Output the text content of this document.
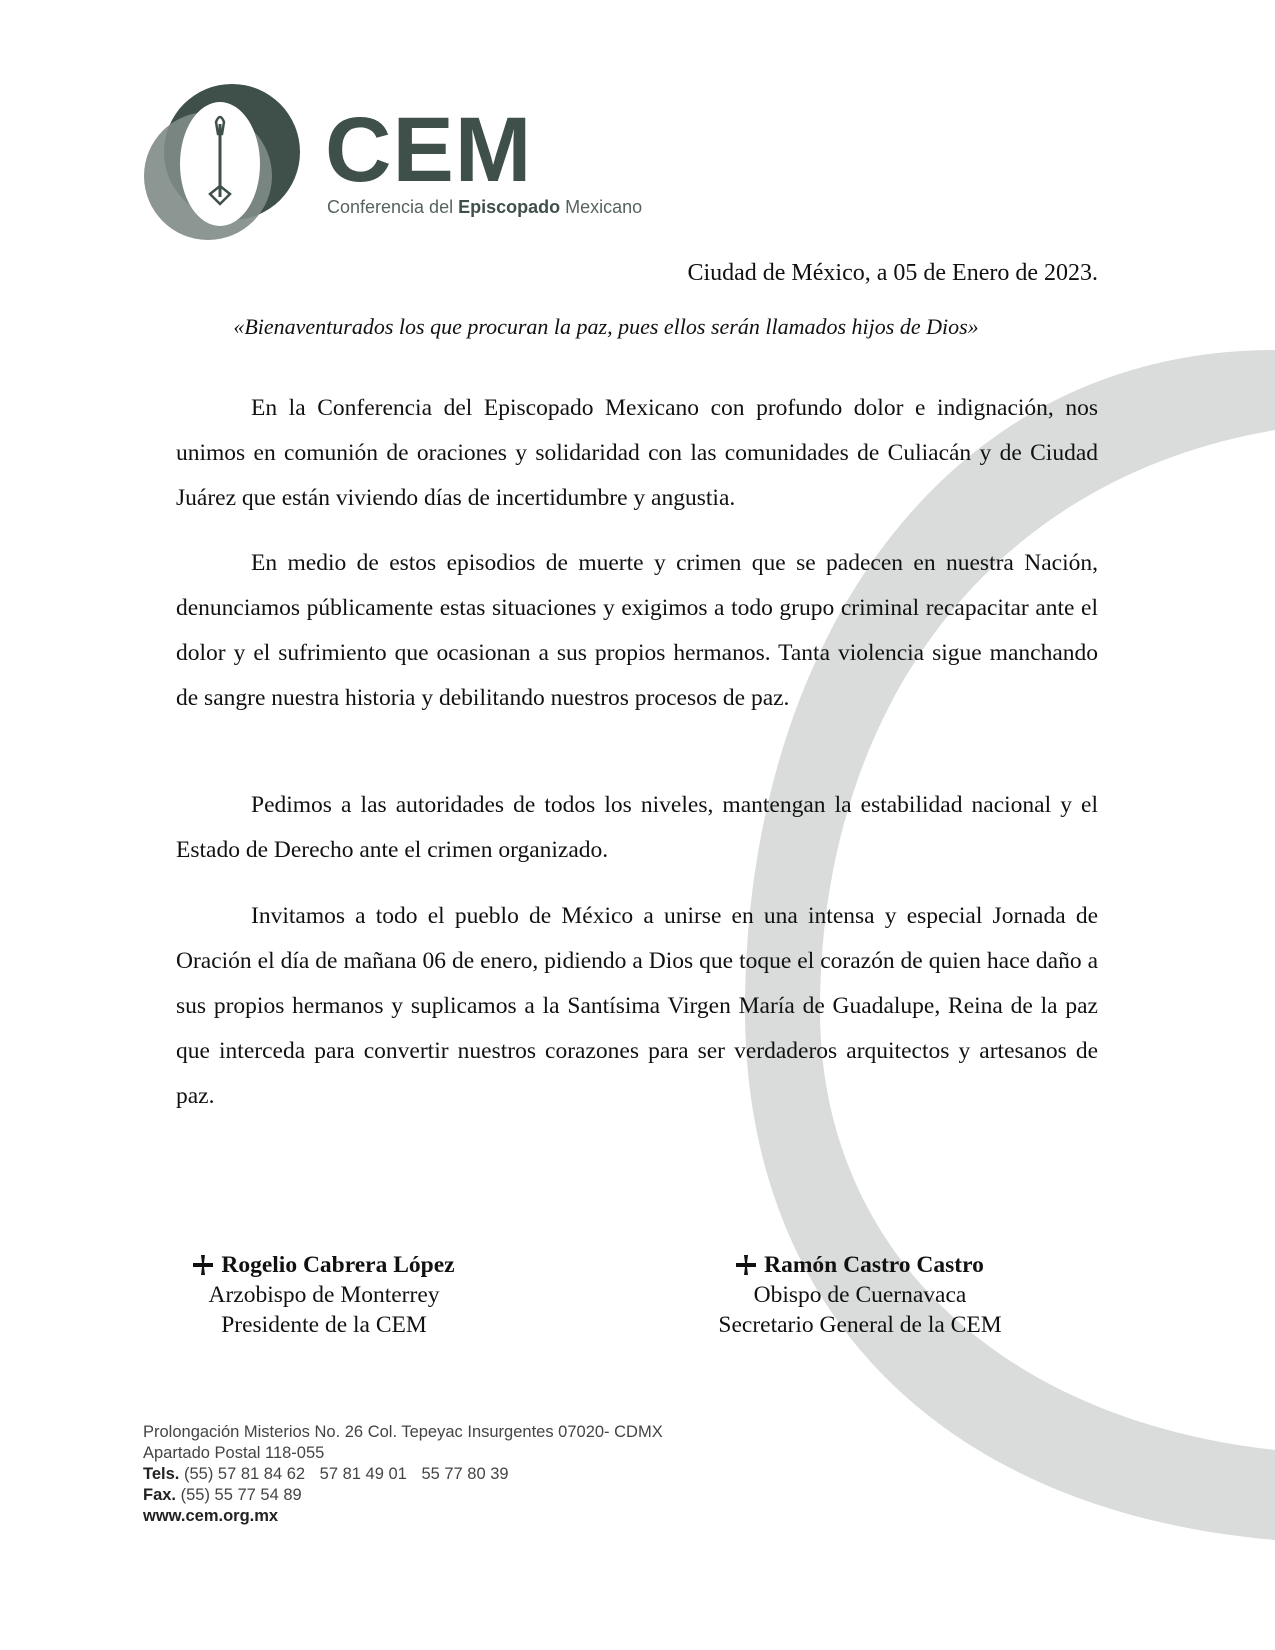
CEM
Conferencia del Episcopado Mexicano
Ciudad de México, a 05 de Enero de 2023.
«Bienaventurados los que procuran la paz, pues ellos serán llamados hijos de Dios»

En la Conferencia del Episcopado Mexicano con profundo dolor e indignación, nos unimos en comunión de oraciones y solidaridad con las comunidades de Culiacán y de Ciudad Juárez que están viviendo días de incertidumbre y angustia.

En medio de estos episodios de muerte y crimen que se padecen en nuestra Nación, denunciamos públicamente estas situaciones y exigimos a todo grupo criminal recapacitar ante el dolor y el sufrimiento que ocasionan a sus propios hermanos. Tanta violencia sigue manchando de sangre nuestra historia y debilitando nuestros procesos de paz.

Pedimos a las autoridades de todos los niveles, mantengan la estabilidad nacional y el Estado de Derecho ante el crimen organizado.

Invitamos a todo el pueblo de México a unirse en una intensa y especial Jornada de Oración el día de mañana 06 de enero, pidiendo a Dios que toque el corazón de quien hace daño a sus propios hermanos y suplicamos a la Santísima Virgen María de Guadalupe, Reina de la paz que interceda para convertir nuestros corazones para ser verdaderos arquitectos y artesanos de paz.

Rogelio Cabrera López
Arzobispo de Monterrey
Presidente de la CEM
Ramón Castro Castro
Obispo de Cuernavaca
Secretario General de la CEM
Prolongación Misterios No. 26 Col. Tepeyac Insurgentes 07020- CDMX
Apartado Postal 118-055
Tels. (55) 57 81 84 62 57 81 49 01 55 77 80 39
Fax. (55) 55 77 54 89
www.cem.org.mx
